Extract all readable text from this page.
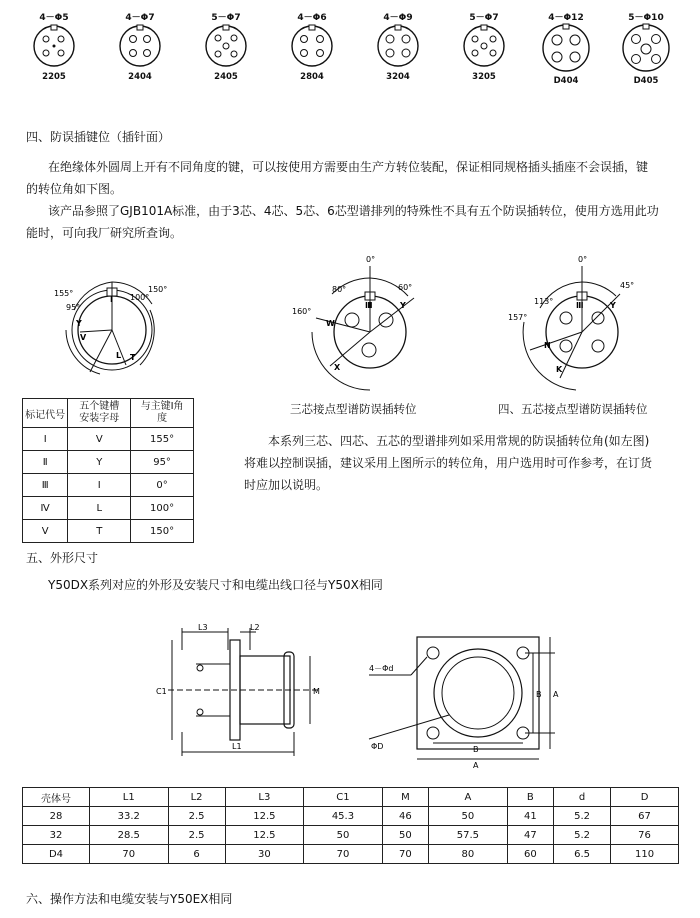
4－Φ5
2205
4－Φ7
2404
5－Φ7
2405
4－Φ6
2804
4－Φ9
3204
5－Φ7
3205
4－Φ12
D404
5－Φ10
D405
四、防误插键位（插针面）
在绝缘体外圆周上开有不同角度的键，可以按使用方需要由生产方转位装配，保证相同规格插头插座不会误插，键
的转位角如下图。
该产品参照了GJB101A标准，由于3芯、4芯、5芯、6芯型谱排列的特殊性不具有五个防误插转位，使用方选用此功
能时，可向我厂研究所查询。
155°
95°
150°
100°
Y
V
I
L T
0°
80°	60°
160°
Ⅲ	Y
W
X
三芯接点型谱防误插转位
0°
45°
113°
157°
Ⅲ	Y
N
K
四、五芯接点型谱防误插转位
标记代号	五个键槽安装字母	与主键I角度
Ⅰ	V	155°
Ⅱ	Y	95°
Ⅲ	I	0°
Ⅳ	L	100°
Ⅴ	T	150°
本系列三芯、四芯、五芯的型谱排列如采用常规的防误插转位角(如左图)
将难以控制误插，建议采用上图所示的转位角，用户选用时可作参考，在订货
时应加以说明。
五、外形尺寸
Y50DX系列对应的外形及安装尺寸和电缆出线口径与Y50X相同
L3	L2
C1	M
L1
4－Φd
B A
B
A
ΦD
壳体号	L1	L2	L3	C1	M	A	B	d	D
28	33.2	2.5	12.5	45.3	46	50	41	5.2	67
32	28.5	2.5	12.5	50	50	57.5	47	5.2	76
D4	70	6	30	70	70	80	60	6.5	110
六、操作方法和电缆安装与Y50EX相同
